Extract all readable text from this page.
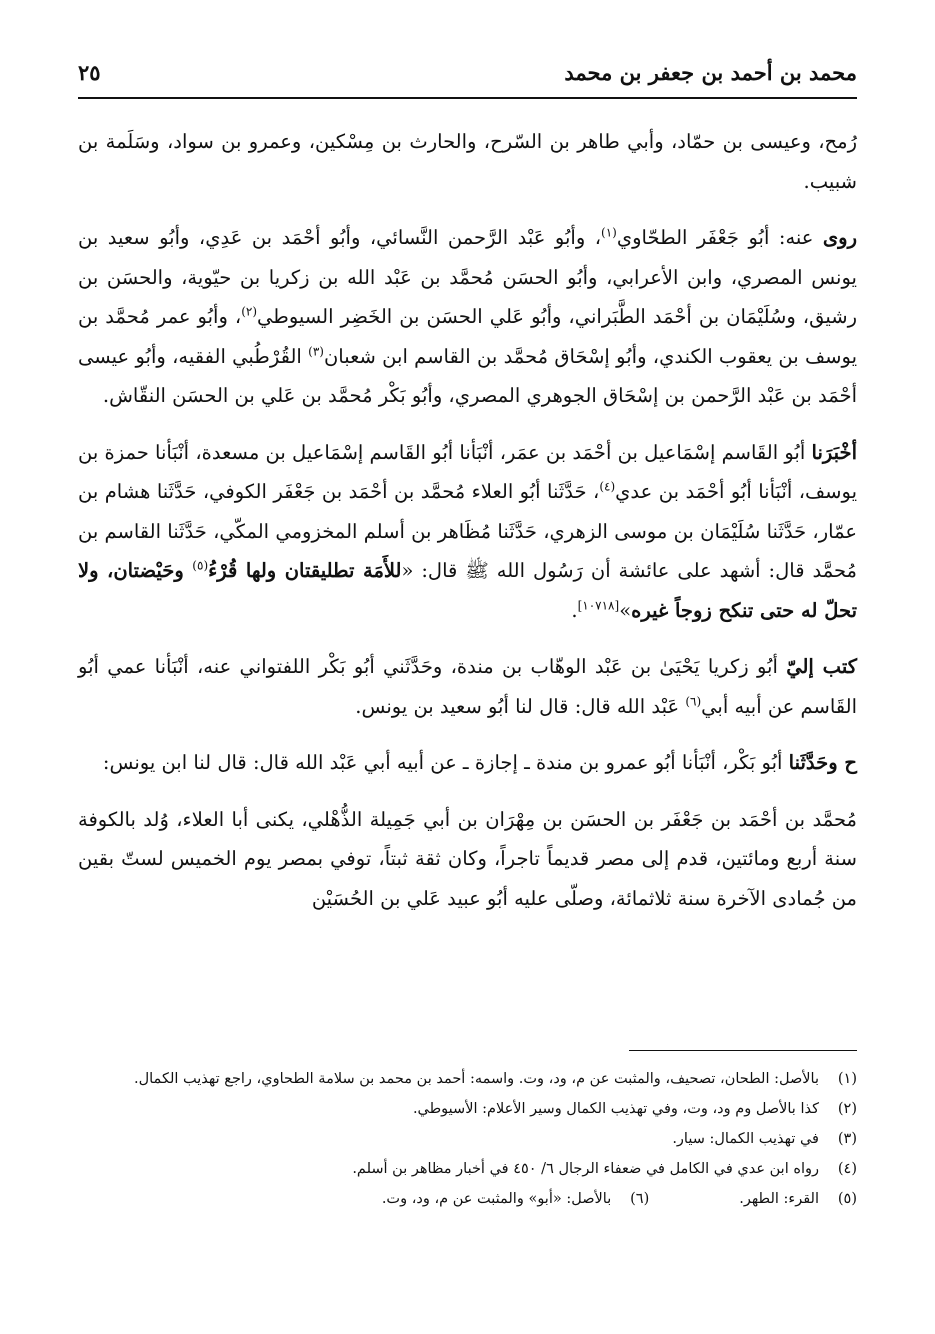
محمد بن أحمد بن جعفر بن محمد
٢٥

رُمح، وعيسى بن حمّاد، وأبي طاهر بن السّرح، والحارث بن مِسْكين، وعمرو بن سواد، وسَلَمة بن شبيب.

روى عنه: أبُو جَعْفَر الطحّاوي$^{(١)}$، وأبُو عَبْد الرَّحمن النَّسائي، وأبُو أحْمَد بن عَدِي، وأبُو سعيد بن يونس المصري، وابن الأعرابي، وأبُو الحسَن مُحمَّد بن عَبْد الله بن زكريا بن حيّوية، والحسَن بن رشيق، وسُلَيْمَان بن أحْمَد الطَّبَراني، وأبُو عَلي الحسَن بن الخَضِر السيوطي$^{(٢)}$، وأبُو عمر مُحمَّد بن يوسف بن يعقوب الكندي، وأبُو إسْحَاق مُحمَّد بن القاسم ابن شعبان$^{(٣)}$ القُرْطُبي الفقيه، وأبُو عيسى أحْمَد بن عَبْد الرَّحمن بن إسْحَاق الجوهري المصري، وأبُو بَكْر مُحمَّد بن عَلي بن الحسَن النقّاش.

أخْبَرَنا أبُو القَاسم إسْمَاعيل بن أحْمَد بن عمَر، أنْبَأنا أبُو القَاسم إسْمَاعيل بن مسعدة، أنْبَأنا حمزة بن يوسف، أنْبَأنا أبُو أحْمَد بن عدي$^{(٤)}$، حَدَّثَنا أبُو العلاء مُحمَّد بن أحْمَد بن جَعْفَر الكوفي، حَدَّثَنا هشام بن عمّار، حَدَّثَنا سُلَيْمَان بن موسى الزهري، حَدَّثَنا مُظَاهر بن أسلم المخزومي المكّي، حَدَّثَنا القاسم بن مُحمَّد قال: أشهد على عائشة أن رَسُول الله ﷺ قال: «للأَمَة تطليقتان ولها قُرْءُ$^{(٥)}$ وحَيْضتان، ولا تحلّ له حتى تنكح زوجاً غيره»[١٠٧١٨].

كتب إليّ أبُو زكريا يَحْيَىٰ بن عَبْد الوهّاب بن مندة، وحَدَّثَني أبُو بَكْر اللفتواني عنه، أنْبَأنا عمي أبُو القَاسم عن أبيه أبي$^{(٦)}$ عَبْد الله قال: قال لنا أبُو سعيد بن يونس.

ح وحَدَّثَنا أبُو بَكْر، أنْبَأنا أبُو عمرو بن مندة ـ إجازة ـ عن أبيه أبي عَبْد الله قال: قال لنا ابن يونس:

مُحمَّد بن أحْمَد بن جَعْفَر بن الحسَن بن مِهْرَان بن أبي جَمِيلة الذُّهْلي، يكنى أبا العلاء، وُلد بالكوفة سنة أربع ومائتين، قدم إلى مصر قديماً تاجراً، وكان ثقة ثبتاً، توفي بمصر يوم الخميس لستّ بقين من جُمادى الآخرة سنة ثلاثمائة، وصلّى عليه أبُو عبيد عَلي بن الحُسَيْن

(١)
بالأصل: الطحان، تصحيف، والمثبت عن م، ود، وت. واسمه: أحمد بن محمد بن سلامة الطحاوي، راجع تهذيب الكمال.
(٢)
كذا بالأصل وم ود، وت، وفي تهذيب الكمال وسير الأعلام: الأسيوطي.
(٣)
في تهذيب الكمال: سيار.
(٤)
رواه ابن عدي في الكامل في ضعفاء الرجال ٦/ ٤٥٠ في أخبار مظاهر بن أسلم.
(٥)
القرء: الطهر.
(٦)
بالأصل: «أبو» والمثبت عن م، ود، وت.
